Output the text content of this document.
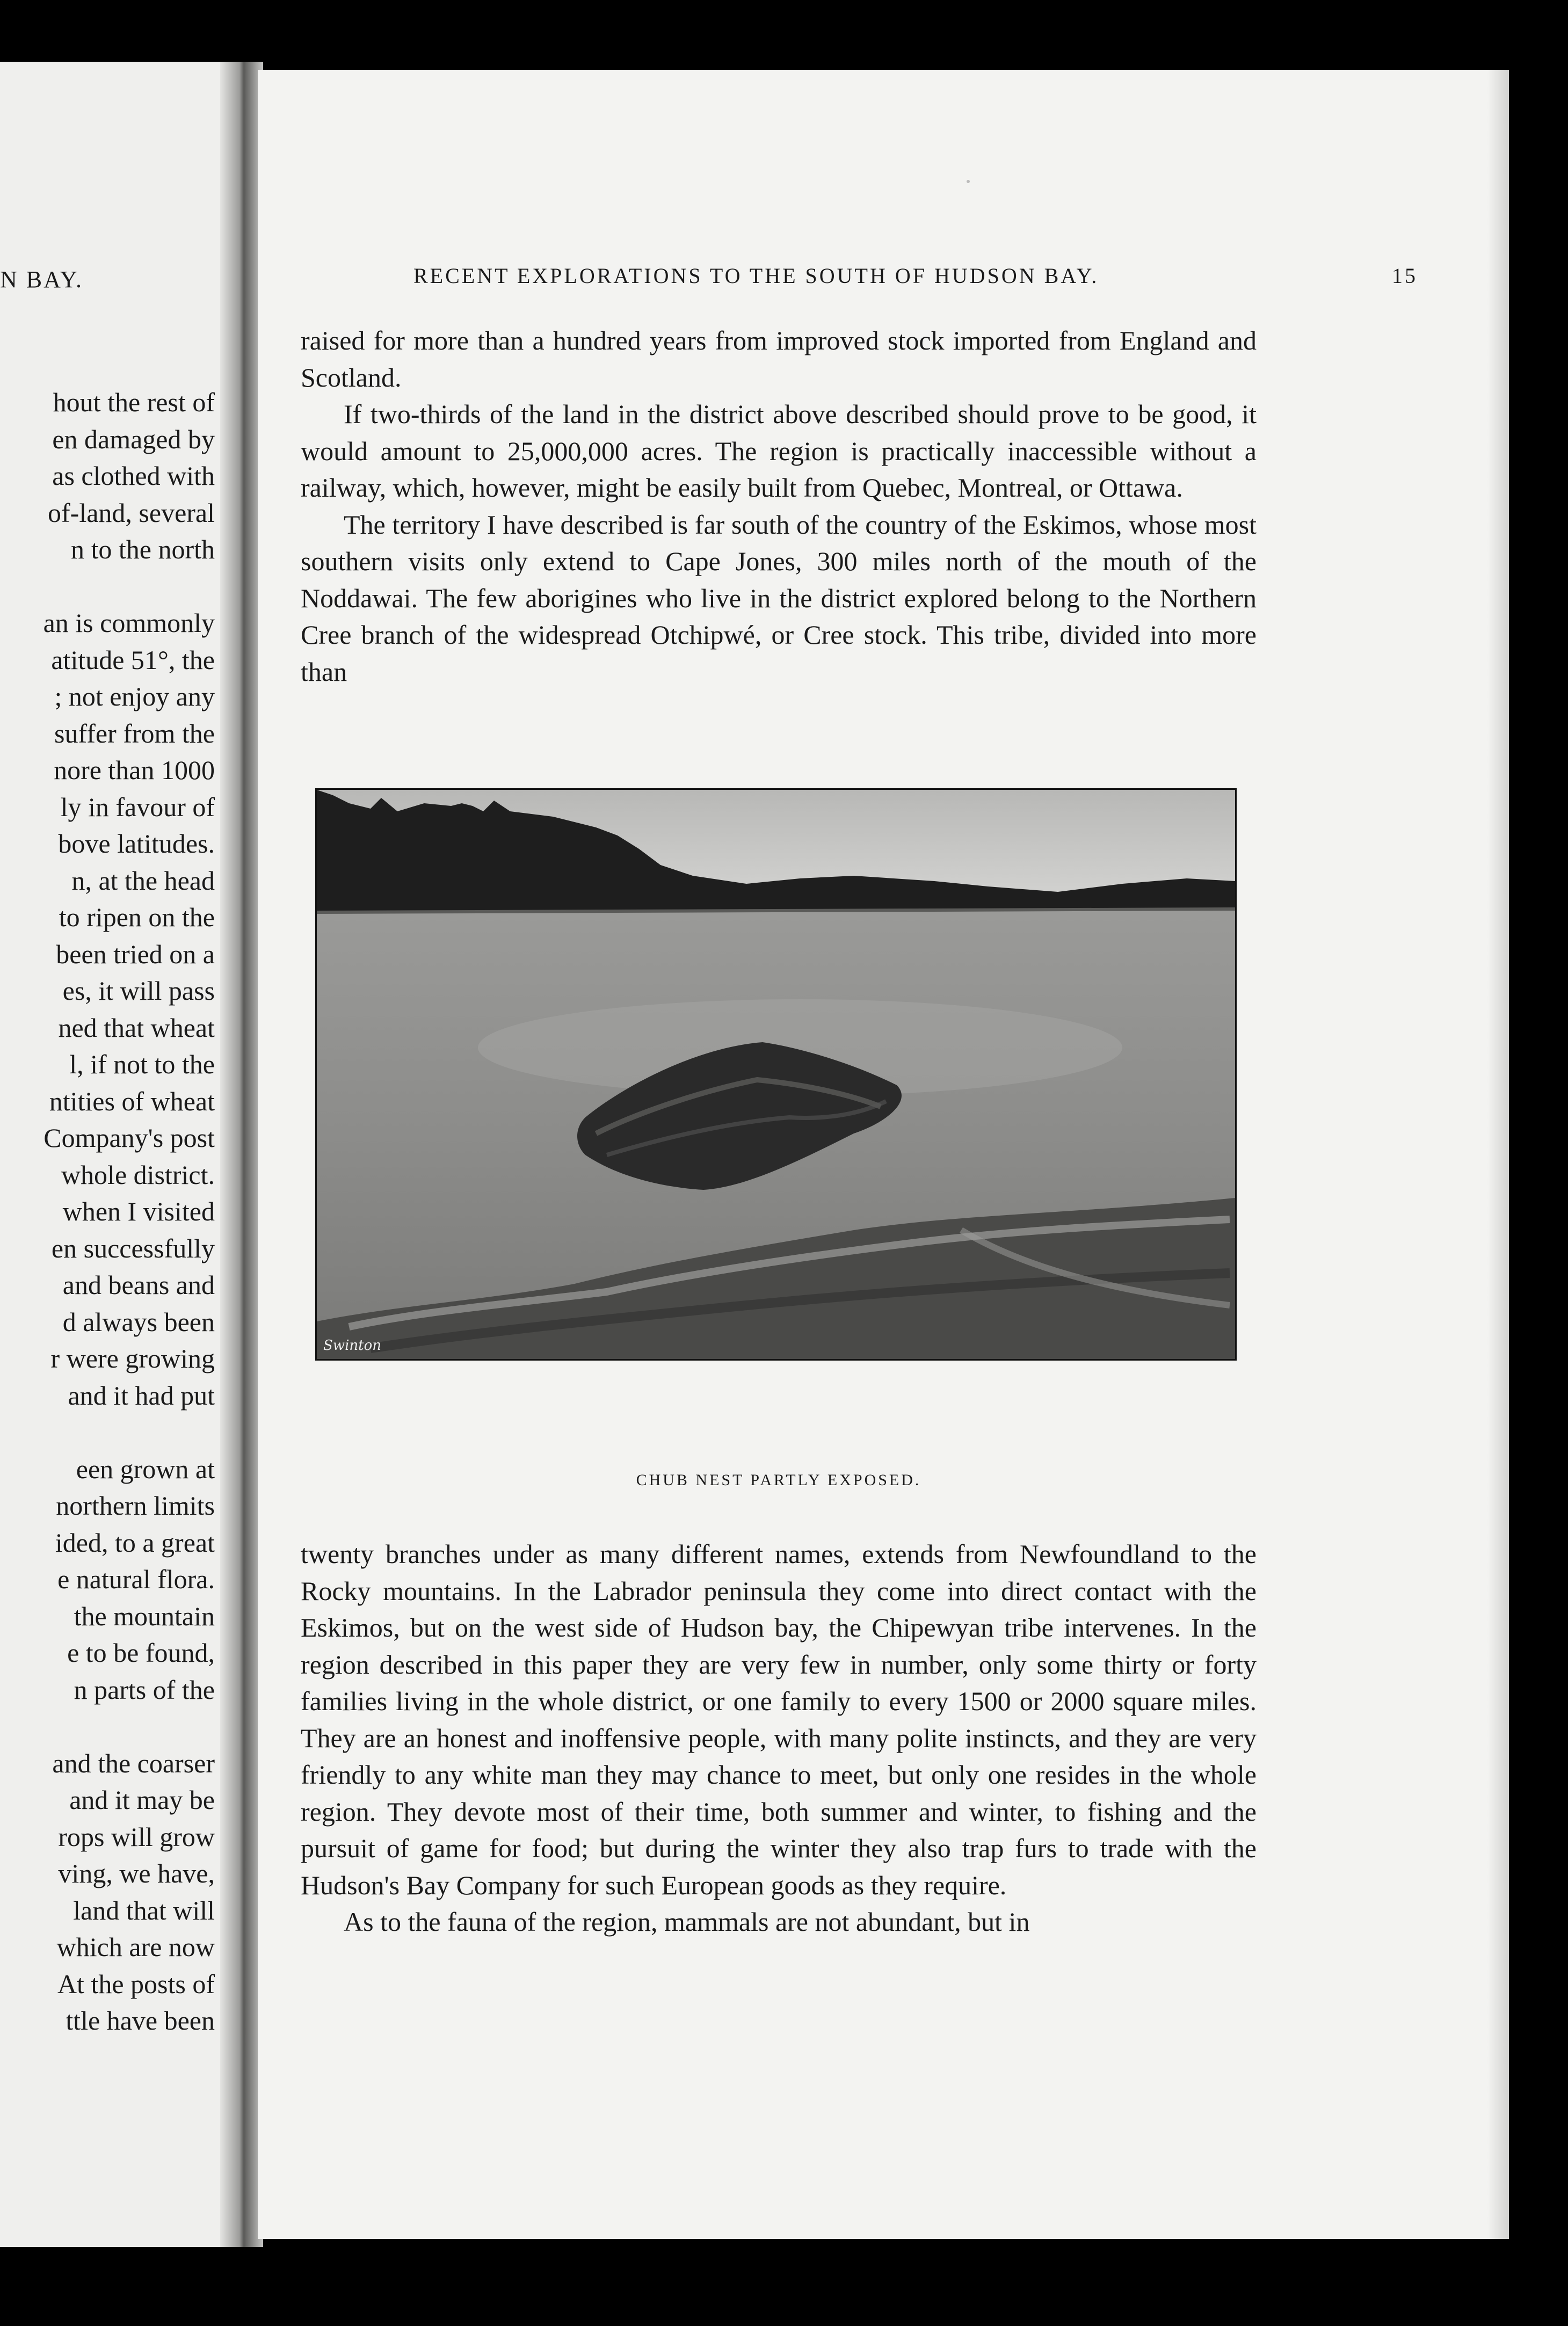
N BAY.
hout the rest of
en damaged by
as clothed with
of-land, several
n to the north
an is commonly
atitude 51°, the
; not enjoy any
suffer from the
nore than 1000
ly in favour of
bove latitudes.
n, at the head
to ripen on the
been tried on a
es, it will pass
ned that wheat
l, if not to the
ntities of wheat
Company's post
whole district.
when I visited
en successfully
and beans and
d always been
r were growing
and it had put
een grown at
northern limits
ided, to a great
e natural flora.
the mountain
e to be found,
n parts of the
and the coarser
and it may be
rops will grow
ving, we have,
land that will
which are now
At the posts of
ttle have been
RECENT EXPLORATIONS TO THE SOUTH OF HUDSON BAY.	15

raised for more than a hundred years from improved stock imported from England and Scotland.

If two-thirds of the land in the district above described should prove to be good, it would amount to 25,000,000 acres. The region is practically inaccessible without a railway, which, however, might be easily built from Quebec, Montreal, or Ottawa.

The territory I have described is far south of the country of the Eskimos, whose most southern visits only extend to Cape Jones, 300 miles north of the mouth of the Noddawai. The few aborigines who live in the district explored belong to the Northern Cree branch of the widespread Otchipwé, or Cree stock. This tribe, divided into more than

Swinton
CHUB NEST PARTLY EXPOSED.

twenty branches under as many different names, extends from Newfoundland to the Rocky mountains. In the Labrador peninsula they come into direct contact with the Eskimos, but on the west side of Hudson bay, the Chipewyan tribe intervenes. In the region described in this paper they are very few in number, only some thirty or forty families living in the whole district, or one family to every 1500 or 2000 square miles. They are an honest and inoffensive people, with many polite instincts, and they are very friendly to any white man they may chance to meet, but only one resides in the whole region. They devote most of their time, both summer and winter, to fishing and the pursuit of game for food; but during the winter they also trap furs to trade with the Hudson's Bay Company for such European goods as they require.

As to the fauna of the region, mammals are not abundant, but in
